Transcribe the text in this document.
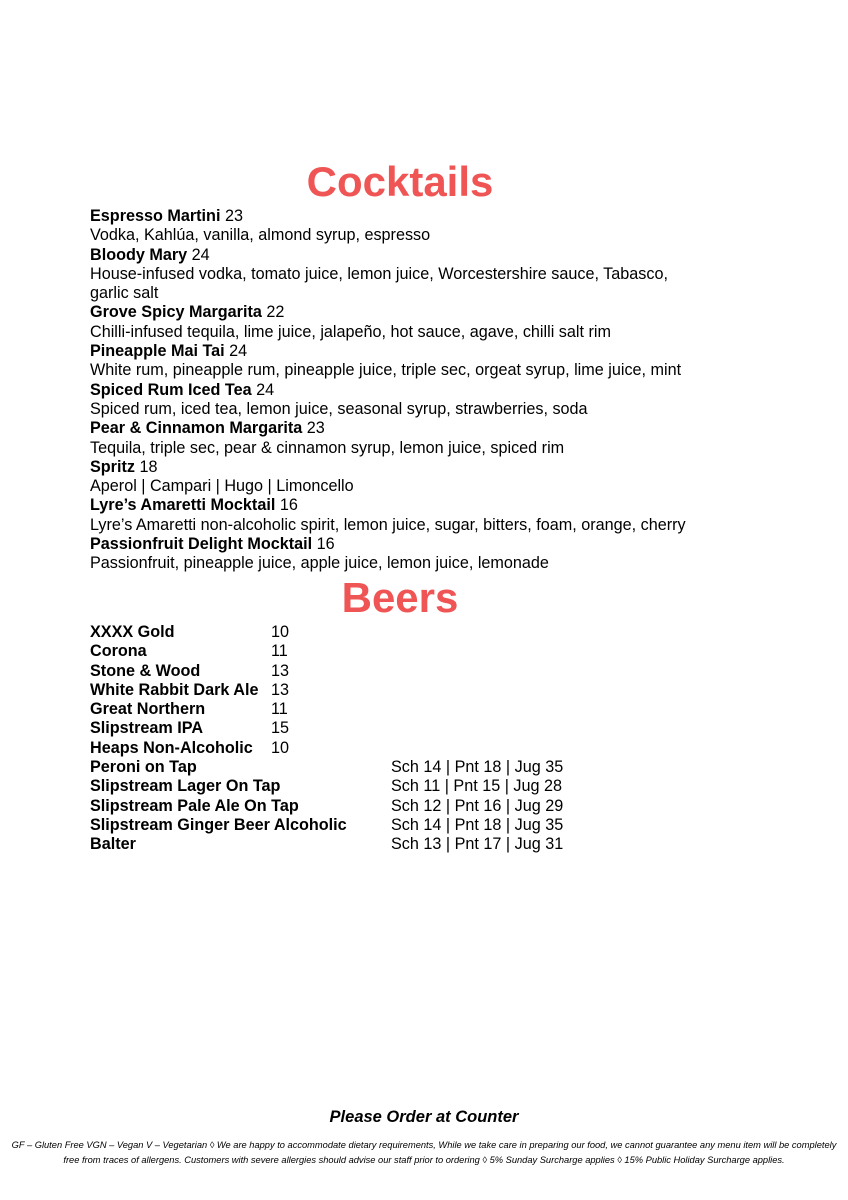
Cocktails
Espresso Martini 23
Vodka, Kahlúa, vanilla, almond syrup, espresso
Bloody Mary 24
House-infused vodka, tomato juice, lemon juice, Worcestershire sauce, Tabasco, garlic salt
Grove Spicy Margarita 22
Chilli-infused tequila, lime juice, jalapeño, hot sauce, agave, chilli salt rim
Pineapple Mai Tai 24
White rum, pineapple rum, pineapple juice, triple sec, orgeat syrup, lime juice, mint
Spiced Rum Iced Tea 24
Spiced rum, iced tea, lemon juice, seasonal syrup, strawberries, soda
Pear & Cinnamon Margarita 23
Tequila, triple sec, pear & cinnamon syrup, lemon juice, spiced rim
Spritz 18
Aperol | Campari | Hugo | Limoncello
Lyre’s Amaretti Mocktail 16
Lyre’s Amaretti non-alcoholic spirit, lemon juice, sugar, bitters, foam, orange, cherry
Passionfruit Delight Mocktail 16
Passionfruit, pineapple juice, apple juice, lemon juice, lemonade
Beers
XXXX Gold	10
Corona	11
Stone & Wood	13
White Rabbit Dark Ale 13
Great Northern	11
Slipstream IPA	15
Heaps Non-Alcoholic 10
Peroni on Tap	Sch 14 | Pnt 18 | Jug 35
Slipstream Lager On Tap	Sch 11 | Pnt 15 | Jug 28
Slipstream Pale Ale On Tap	Sch 12 | Pnt 16 | Jug 29
Slipstream Ginger Beer Alcoholic	Sch 14 | Pnt 18 | Jug 35
Balter	Sch 13 | Pnt 17 | Jug 31
Please Order at Counter
GF – Gluten Free VGN – Vegan V – Vegetarian ◊ We are happy to accommodate dietary requirements, While we take care in preparing our food, we cannot guarantee any menu item will be completely free from traces of allergens. Customers with severe allergies should advise our staff prior to ordering ◊ 5% Sunday Surcharge applies ◊ 15% Public Holiday Surcharge applies.
